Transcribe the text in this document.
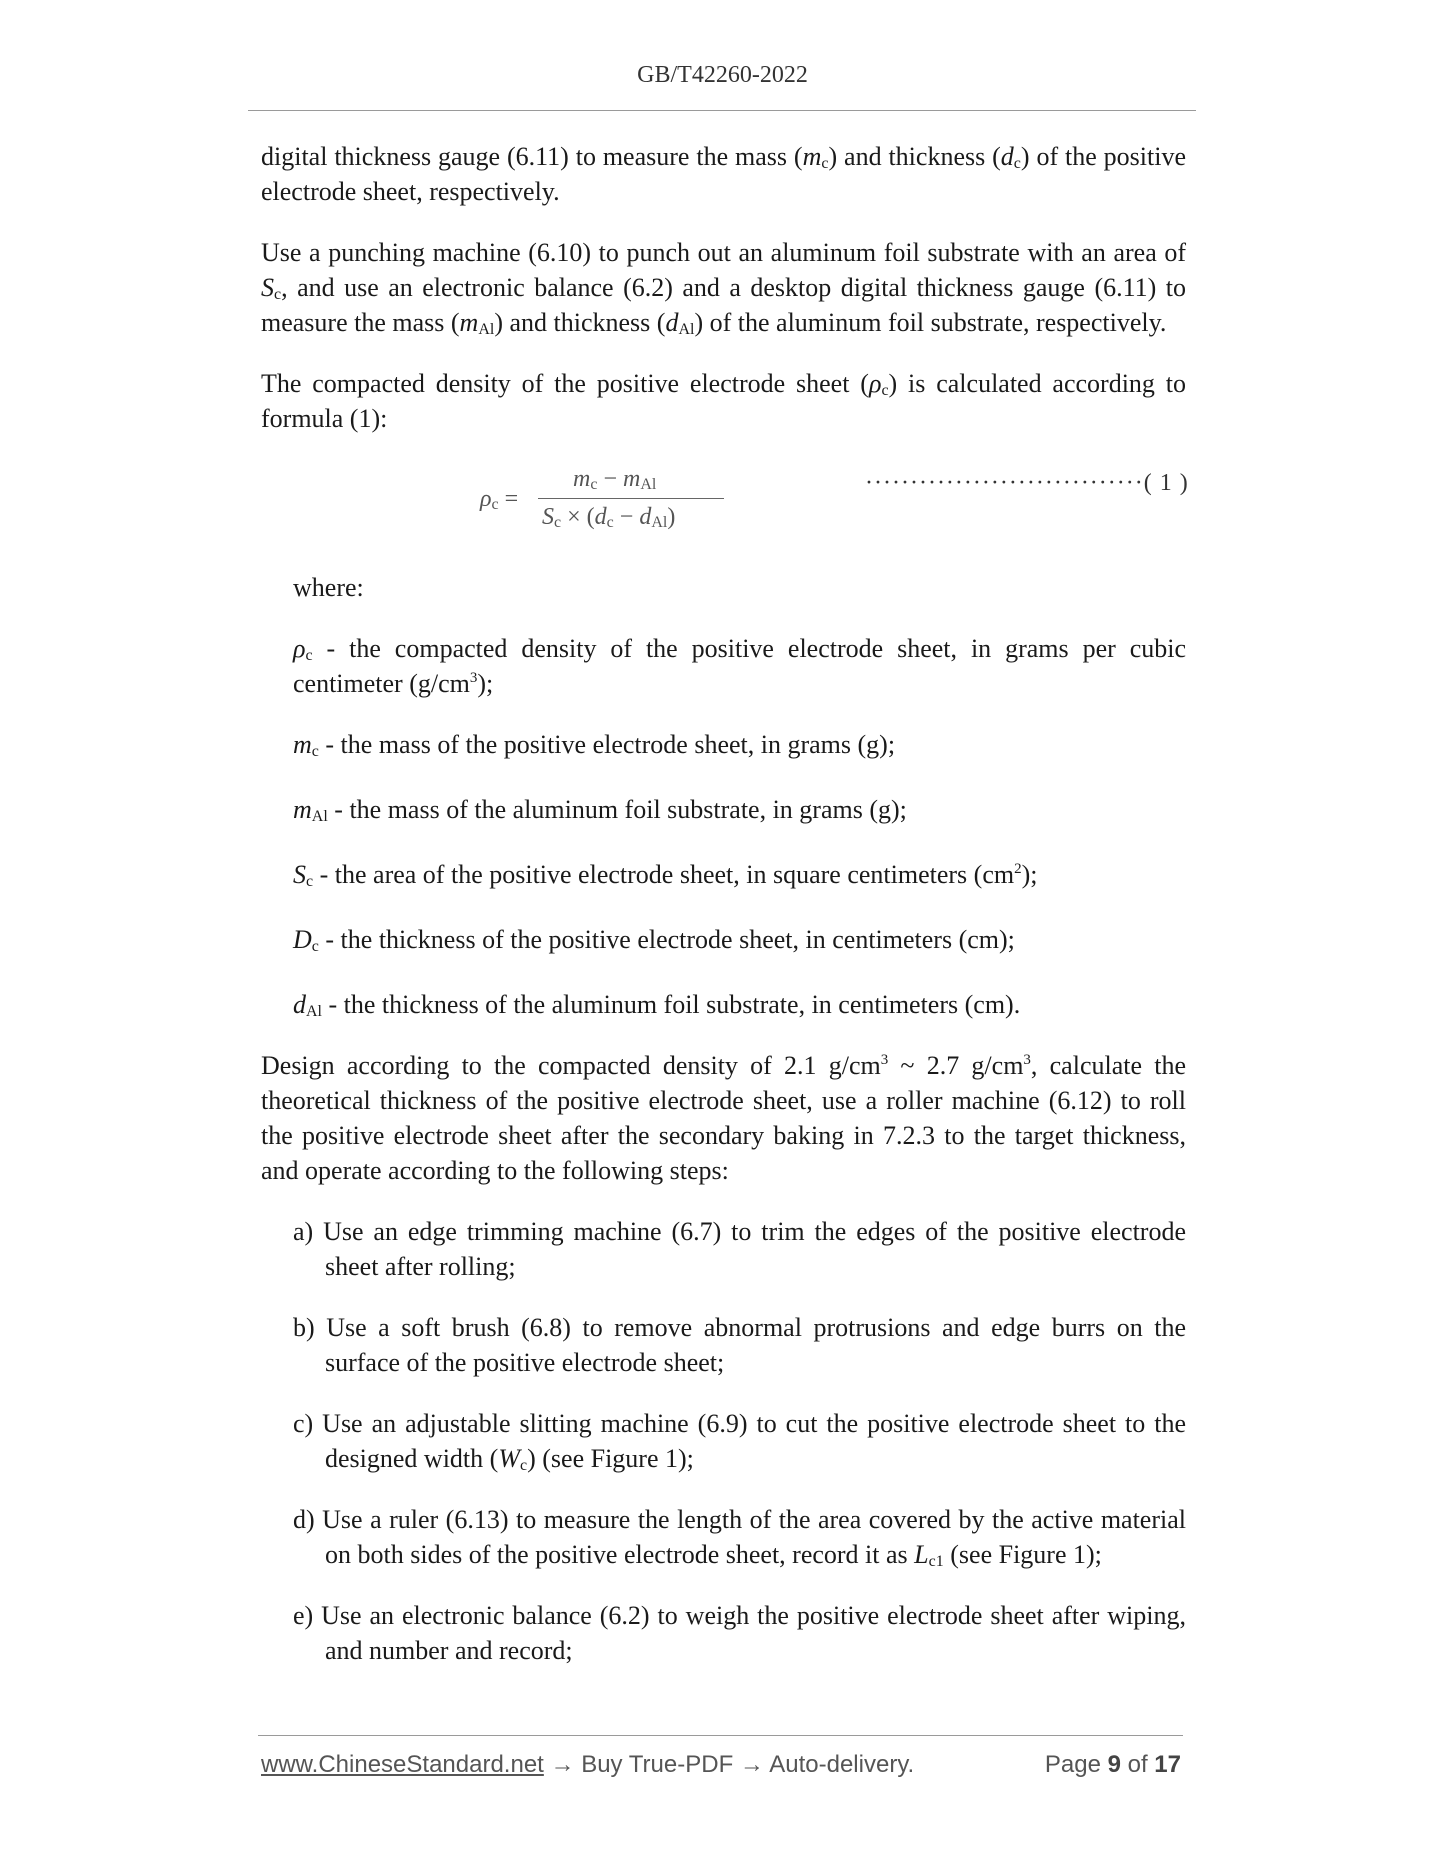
GB/T42260-2022

digital thickness gauge (6.11) to measure the mass $(m_c)$ and thickness $(d_c)$ of the positive electrode sheet, respectively.

Use a punching machine (6.10) to punch out an aluminum foil substrate with an area of $S_c$, and use an electronic balance (6.2) and a desktop digital thickness gauge (6.11) to measure the mass $(m_{Al})$ and thickness $(d_{Al})$ of the aluminum foil substrate, respectively.

The compacted density of the positive electrode sheet $(\rho_c)$ is calculated according to formula (1):

$\rho_c$ =
$m_c - m_{Al}$
$S_c \times (d_c - d_{Al})$
·······························( 1 )

where:

$\rho_c$ - the compacted density of the positive electrode sheet, in grams per cubic centimeter $(g/cm^3)$;

$m_c$ - the mass of the positive electrode sheet, in grams (g);

$m_{Al}$ - the mass of the aluminum foil substrate, in grams (g);

$S_c$ - the area of the positive electrode sheet, in square centimeters $(cm^2)$;

$D_c$ - the thickness of the positive electrode sheet, in centimeters (cm);

$d_{Al}$ - the thickness of the aluminum foil substrate, in centimeters (cm).

Design according to the compacted density of 2.1 $g/cm^3$ ~ 2.7 $g/cm^3$, calculate the theoretical thickness of the positive electrode sheet, use a roller machine (6.12) to roll the positive electrode sheet after the secondary baking in 7.2.3 to the target thickness, and operate according to the following steps:

a) Use an edge trimming machine (6.7) to trim the edges of the positive electrode sheet after rolling;

b) Use a soft brush (6.8) to remove abnormal protrusions and edge burrs on the surface of the positive electrode sheet;

c) Use an adjustable slitting machine (6.9) to cut the positive electrode sheet to the designed width $(W_c)$ (see Figure 1);

d) Use a ruler (6.13) to measure the length of the area covered by the active material on both sides of the positive electrode sheet, record it as $L_{c1}$ (see Figure 1);

e) Use an electronic balance (6.2) to weigh the positive electrode sheet after wiping, and number and record;

www.ChineseStandard.net → Buy True-PDF → Auto-delivery.	Page 9 of 17
